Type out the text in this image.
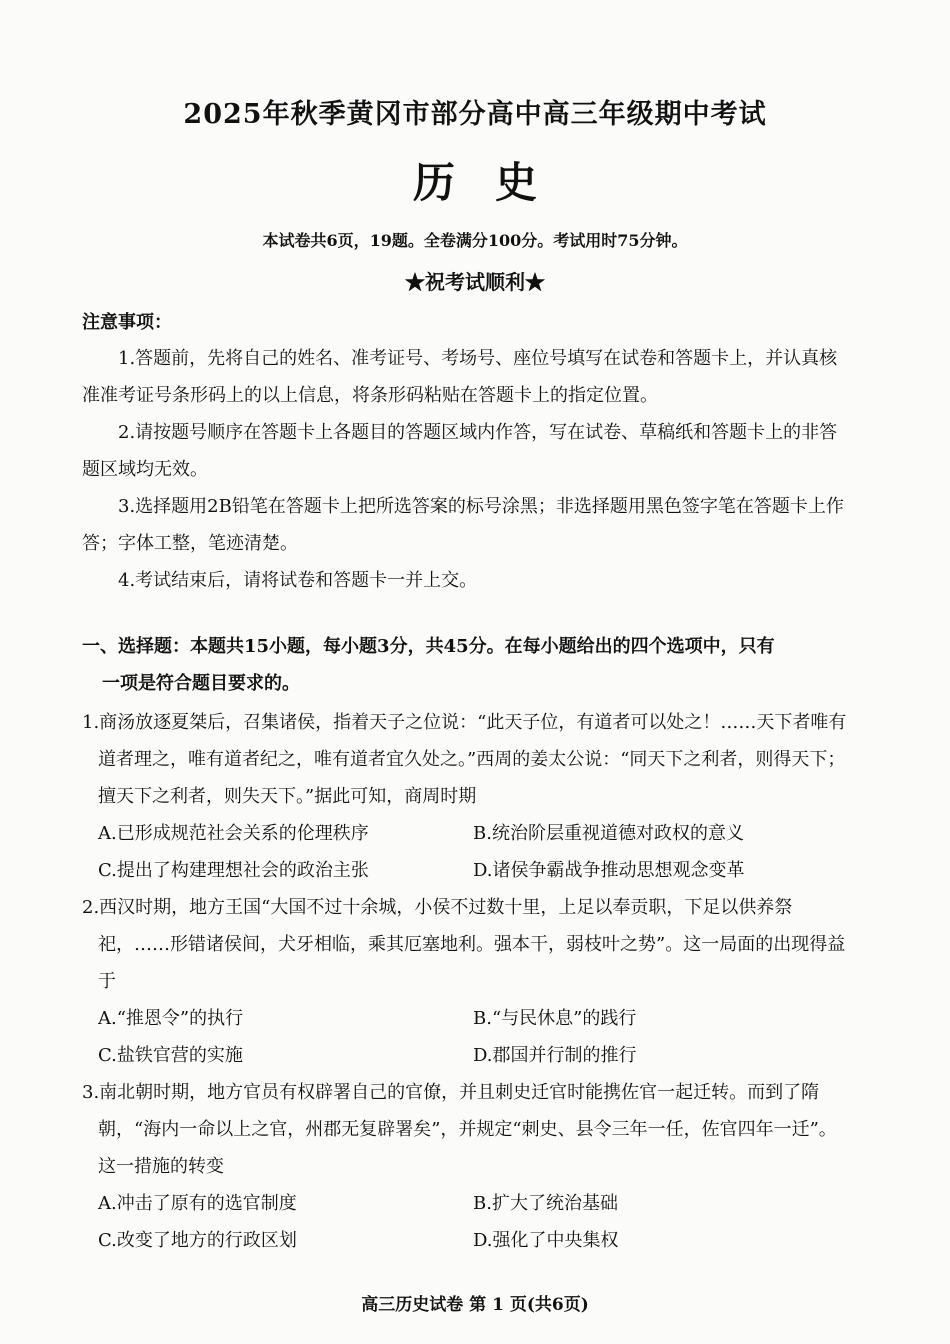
2025年秋季黄冈市部分高中高三年级期中考试
历史
本试卷共6页，19题。全卷满分100分。考试用时75分钟。
★祝考试顺利★
注意事项：
1.答题前，先将自己的姓名、准考证号、考场号、座位号填写在试卷和答题卡上，并认真核准准考证号条形码上的以上信息，将条形码粘贴在答题卡上的指定位置。
2.请按题号顺序在答题卡上各题目的答题区域内作答，写在试卷、草稿纸和答题卡上的非答题区域均无效。
3.选择题用2B铅笔在答题卡上把所选答案的标号涂黑；非选择题用黑色签字笔在答题卡上作答；字体工整，笔迹清楚。
4.考试结束后，请将试卷和答题卡一并上交。
一、选择题：本题共15小题，每小题3分，共45分。在每小题给出的四个选项中，只有
一项是符合题目要求的。
1.商汤放逐夏桀后，召集诸侯，指着天子之位说：“此天子位，有道者可以处之！……天下者唯有道者理之，唯有道者纪之，唯有道者宜久处之。”西周的姜太公说：“同天下之利者，则得天下；擅天下之利者，则失天下。”据此可知，商周时期
A.已形成规范社会关系的伦理秩序	B.统治阶层重视道德对政权的意义
C.提出了构建理想社会的政治主张	D.诸侯争霸战争推动思想观念变革
2.西汉时期，地方王国“大国不过十余城，小侯不过数十里，上足以奉贡职，下足以供养祭祀，……形错诸侯间，犬牙相临，乘其厄塞地利。强本干，弱枝叶之势”。这一局面的出现得益于
A.“推恩令”的执行	B.“与民休息”的践行
C.盐铁官营的实施	D.郡国并行制的推行
3.南北朝时期，地方官员有权辟署自己的官僚，并且刺史迁官时能携佐官一起迁转。而到了隋朝，“海内一命以上之官，州郡无复辟署矣”，并规定“刺史、县令三年一任，佐官四年一迁”。这一措施的转变
A.冲击了原有的选官制度	B.扩大了统治基础
C.改变了地方的行政区划	D.强化了中央集权
高三历史试卷 第 1 页(共6页)
